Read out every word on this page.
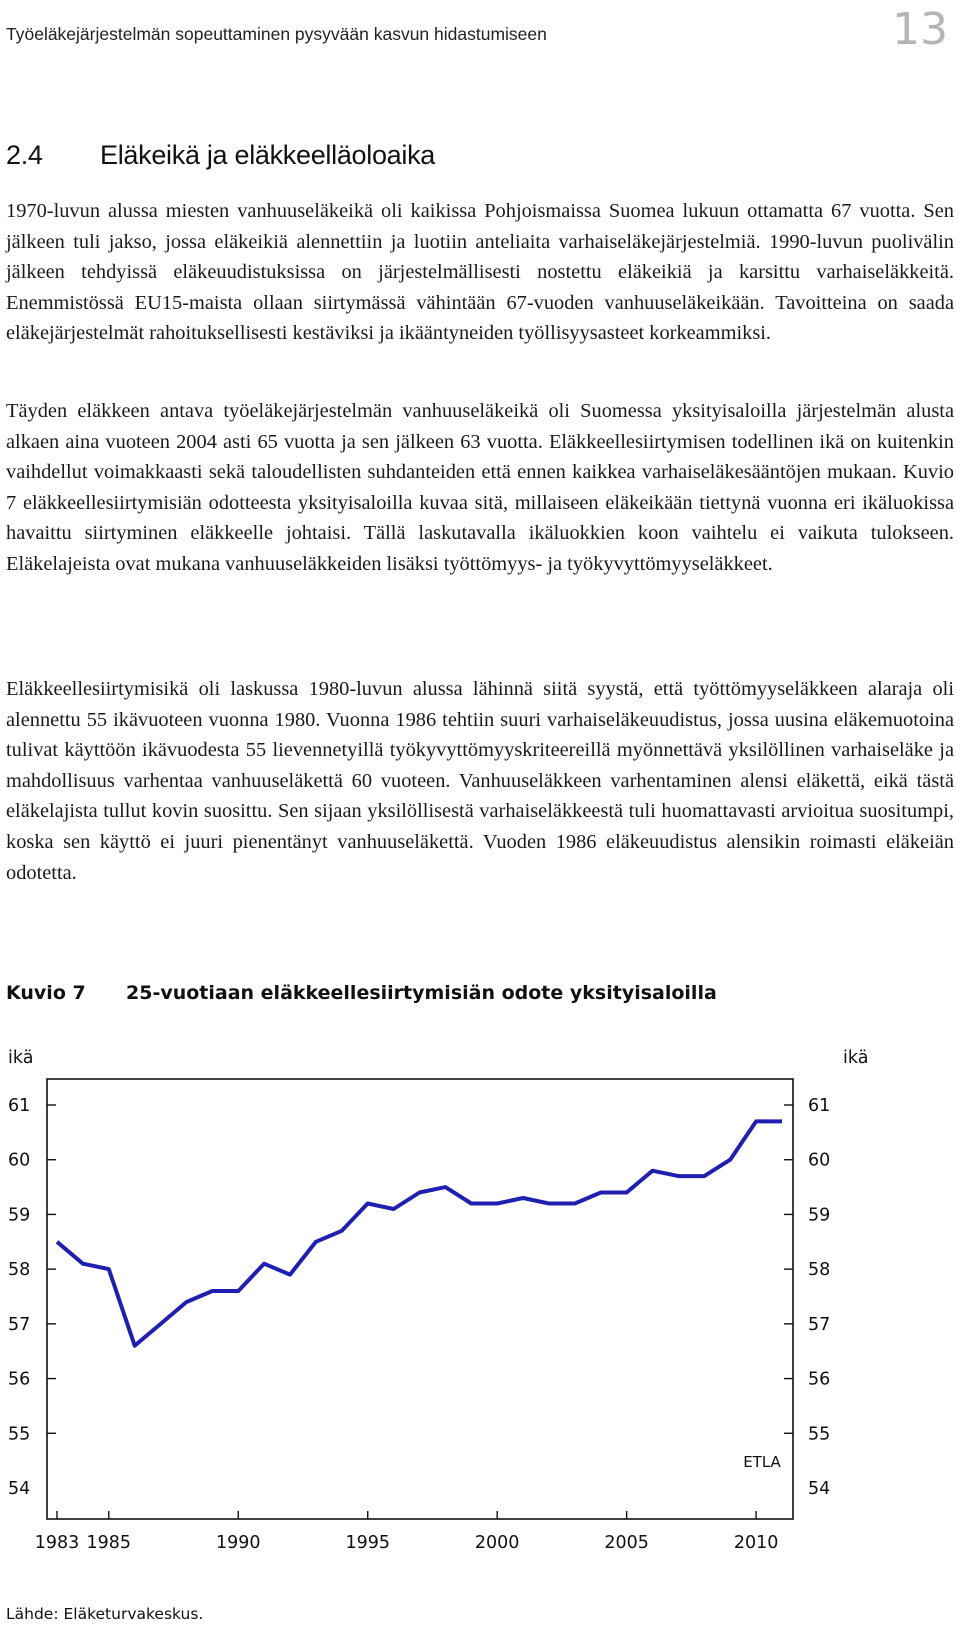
Työeläkejärjestelmän sopeuttaminen pysyvään kasvun hidastumiseen	13
2.4 Eläkeikä ja eläkkeelläoloaika

1970-luvun alussa miesten vanhuuseläkeikä oli kaikissa Pohjoismaissa Suomea lukuun ottamatta 67 vuotta. Sen jälkeen tuli jakso, jossa eläkeikiä alennettiin ja luotiin anteliaita varhaiseläkejärjestelmiä. 1990-luvun puolivälin jälkeen tehdyissä eläkeuudistuksissa on järjestelmällisesti nostettu eläkeikiä ja karsittu varhaiseläkkeitä. Enemmistössä EU15-maista ollaan siirtymässä vähintään 67-vuoden vanhuuseläkeikään. Tavoitteina on saada eläkejärjestelmät rahoituksellisesti kestäviksi ja ikääntyneiden työllisyysasteet korkeammiksi.

Täyden eläkkeen antava työeläkejärjestelmän vanhuuseläkeikä oli Suomessa yksityisaloilla järjestelmän alusta alkaen aina vuoteen 2004 asti 65 vuotta ja sen jälkeen 63 vuotta. Eläkkeellesiirtymisen todellinen ikä on kuitenkin vaihdellut voimakkaasti sekä taloudellisten suhdanteiden että ennen kaikkea varhaiseläkesääntöjen mukaan. Kuvio 7 eläkkeellesiirtymisiän odotteesta yksityisaloilla kuvaa sitä, millaiseen eläkeikään tiettynä vuonna eri ikäluokissa havaittu siirtyminen eläkkeelle johtaisi. Tällä laskutavalla ikäluokkien koon vaihtelu ei vaikuta tulokseen. Eläkelajeista ovat mukana vanhuuseläkkeiden lisäksi työttömyys- ja työkyvyttömyyseläkkeet.

Eläkkeellesiirtymisikä oli laskussa 1980-luvun alussa lähinnä siitä syystä, että työttömyyseläkkeen alaraja oli alennettu 55 ikävuoteen vuonna 1980. Vuonna 1986 tehtiin suuri varhaiseläkeuudistus, jossa uusina eläkemuotoina tulivat käyttöön ikävuodesta 55 lievennetyillä työkyvyttömyyskriteereillä myönnettävä yksilöllinen varhaiseläke ja mahdollisuus varhentaa vanhuuseläkettä 60 vuoteen. Vanhuuseläkkeen varhentaminen alensi eläkettä, eikä tästä eläkelajista tullut kovin suosittu. Sen sijaan yksilöllisestä varhaiseläkkeestä tuli huomattavasti arvioitua suositumpi, koska sen käyttö ei juuri pienentänyt vanhuuseläkettä. Vuoden 1986 eläkeuudistus alensikin roimasti eläkeiän odotetta.

Kuvio 7 25-vuotiaan eläkkeellesiirtymisiän odote yksityisaloilla
ikä	ikä
54
55
56
57
58
59
60
61
54
55
56
57
58
59
60
61
1983 1985	1990	1995	2000	2005	2010
ETLA
Lähde: Eläketurvakeskus.
